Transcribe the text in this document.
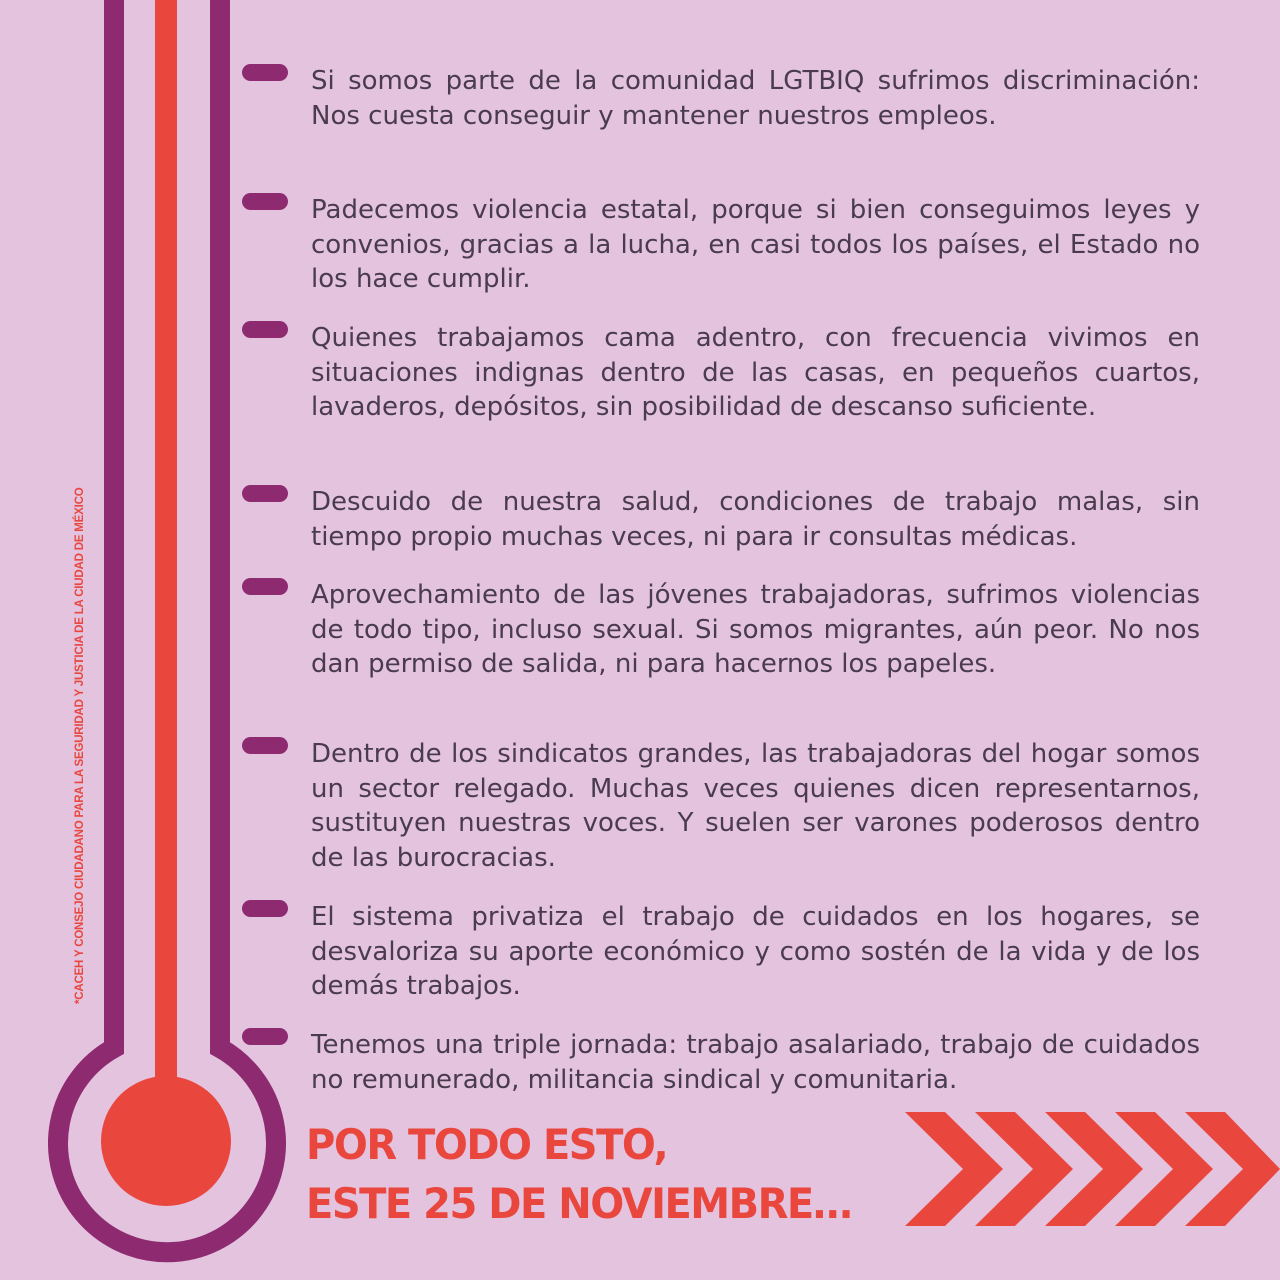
*CACEH Y CONSEJO CIUDADANO PARA LA SEGURIDAD Y JUSTICIA DE LA CIUDAD DE MÉXICO

Si somos parte de la comunidad LGTBIQ sufrimos discriminación: Nos cuesta conseguir y mantener nuestros empleos.

Padecemos violencia estatal, porque si bien conseguimos leyes y convenios, gracias a la lucha, en casi todos los países, el Estado no los hace cumplir.

Quienes trabajamos cama adentro, con frecuencia vivimos en situaciones indignas dentro de las casas, en pequeños cuartos, lavaderos, depósitos, sin posibilidad de descanso suficiente.

Descuido de nuestra salud, condiciones de trabajo malas, sin tiempo propio muchas veces, ni para ir consultas médicas.

Aprovechamiento de las jóvenes trabajadoras, sufrimos violencias de todo tipo, incluso sexual. Si somos migrantes, aún peor. No nos dan permiso de salida, ni para hacernos los papeles.

Dentro de los sindicatos grandes, las trabajadoras del hogar somos un sector relegado. Muchas veces quienes dicen representarnos, sustituyen nuestras voces. Y suelen ser varones poderosos dentro de las burocracias.

El sistema privatiza el trabajo de cuidados en los hogares, se desvaloriza su aporte económico y como sostén de la vida y de los demás trabajos.

Tenemos una triple jornada: trabajo asalariado, trabajo de cuidados no remunerado, militancia sindical y comunitaria.

POR TODO ESTO,
ESTE 25 DE NOVIEMBRE…
